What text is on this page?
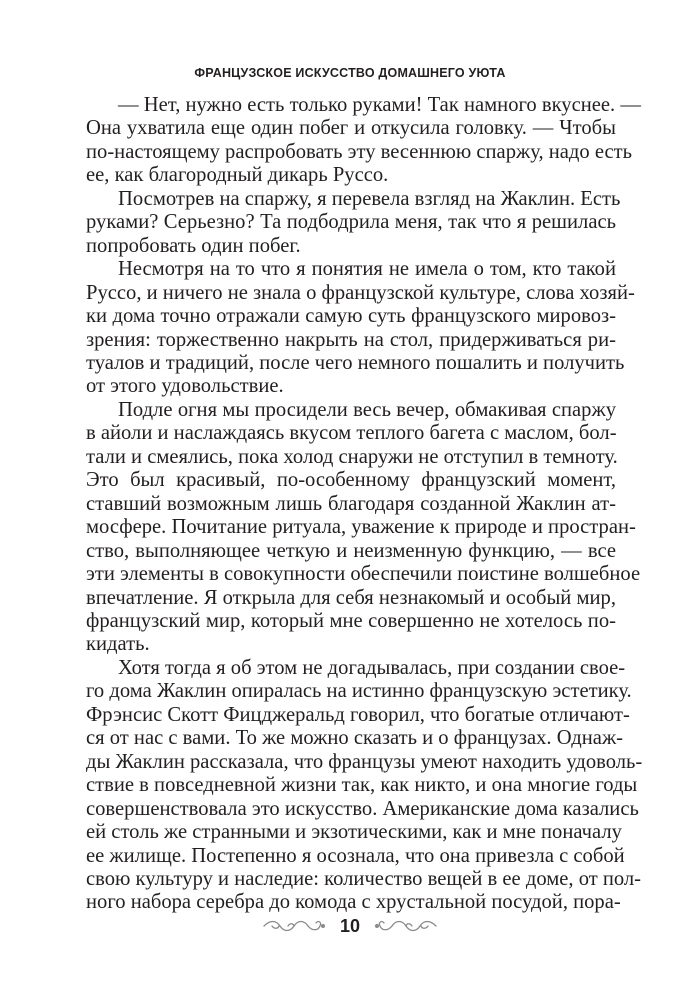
ФРАНЦУЗСКОЕ ИСКУССТВО ДОМАШНЕГО УЮТА

— Нет, нужно есть только руками! Так намного вкуснее. —
Она ухватила еще один побег и откусила головку. — Чтобы
по-настоящему распробовать эту весеннюю спаржу, надо есть
ее, как благородный дикарь Руссо.

Посмотрев на спаржу, я перевела взгляд на Жаклин. Есть
руками? Серьезно? Та подбодрила меня, так что я решилась
попробовать один побег.

Несмотря на то что я понятия не имела о том, кто такой
Руссо, и ничего не знала о французской культуре, слова хозяй-
ки дома точно отражали самую суть французского мировоз-
зрения: торжественно накрыть на стол, придерживаться ри-
туалов и традиций, после чего немного пошалить и получить
от этого удовольствие.

Подле огня мы просидели весь вечер, обмакивая спаржу
в айоли и наслаждаясь вкусом теплого багета с маслом, бол-
тали и смеялись, пока холод снаружи не отступил в темноту.
Это был красивый, по-особенному французский момент,
ставший возможным лишь благодаря созданной Жаклин ат-
мосфере. Почитание ритуала, уважение к природе и простран-
ство, выполняющее четкую и неизменную функцию, — все
эти элементы в совокупности обеспечили поистине волшебное
впечатление. Я открыла для себя незнакомый и особый мир,
французский мир, который мне совершенно не хотелось по-
кидать.

Хотя тогда я об этом не догадывалась, при создании свое-
го дома Жаклин опиралась на истинно французскую эстетику.
Фрэнсис Скотт Фицджеральд говорил, что богатые отличают-
ся от нас с вами. То же можно сказать и о французах. Однаж-
ды Жаклин рассказала, что французы умеют находить удоволь-
ствие в повседневной жизни так, как никто, и она многие годы
совершенствовала это искусство. Американские дома казались
ей столь же странными и экзотическими, как и мне поначалу
ее жилище. Постепенно я осознала, что она привезла с собой
свою культуру и наследие: количество вещей в ее доме, от пол-
ного набора серебра до комода с хрустальной посудой, пора-

10
